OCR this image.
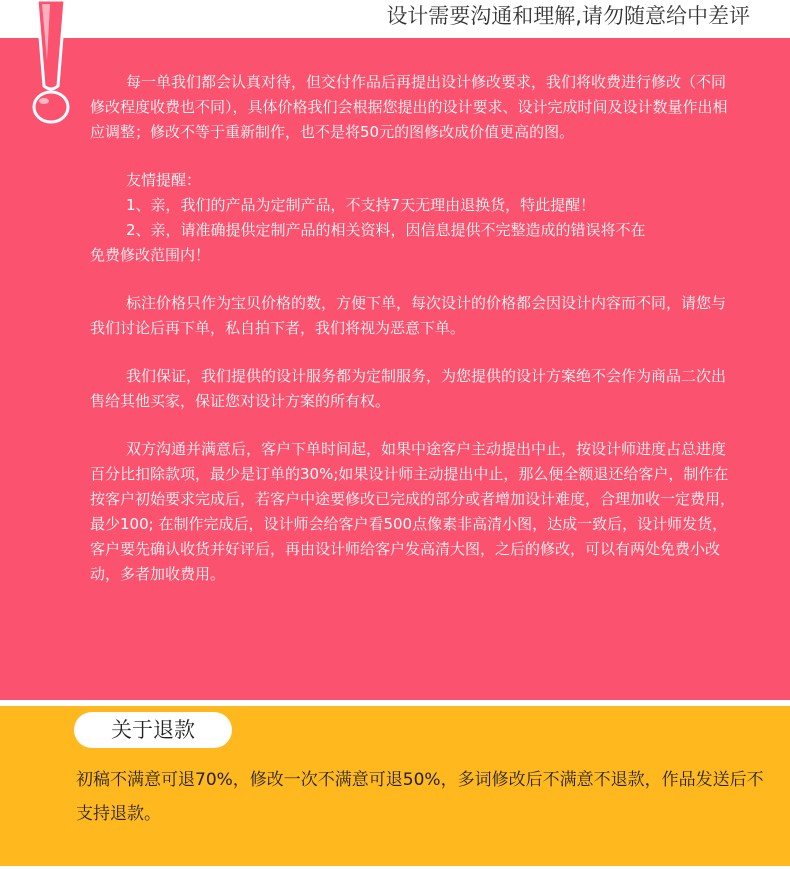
设计需要沟通和理解,请勿随意给中差评

每一单我们都会认真对待，但交付作品后再提出设计修改要求，我们将收费进行修改（不同修改程度收费也不同），具体价格我们会根据您提出的设计要求、设计完成时间及设计数量作出相应调整；修改不等于重新制作，也不是将50元的图修改成价值更高的图。

友情提醒：
1、亲，我们的产品为定制产品，不支持7天无理由退换货，特此提醒！
2、亲，请准确提供定制产品的相关资料，因信息提供不完整造成的错误将不在
免费修改范围内！

标注价格只作为宝贝价格的数，方便下单，每次设计的价格都会因设计内容而不同，请您与我们讨论后再下单，私自拍下者，我们将视为恶意下单。

我们保证，我们提供的设计服务都为定制服务，为您提供的设计方案绝不会作为商品二次出售给其他买家，保证您对设计方案的所有权。

双方沟通并满意后，客户下单时间起，如果中途客户主动提出中止，按设计师进度占总进度百分比扣除款项，最少是订单的30%;如果设计师主动提出中止，那么便全额退还给客户，制作在按客户初始要求完成后，若客户中途要修改已完成的部分或者增加设计难度，合理加收一定费用，最少100; 在制作完成后，设计师会给客户看500点像素非高清小图，达成一致后，设计师发货，客户要先确认收货并好评后，再由设计师给客户发高清大图，之后的修改，可以有两处免费小改动，多者加收费用。

关于退款
初稿不满意可退70%，修改一次不满意可退50%，多词修改后不满意不退款，作品发送后不支持退款。
